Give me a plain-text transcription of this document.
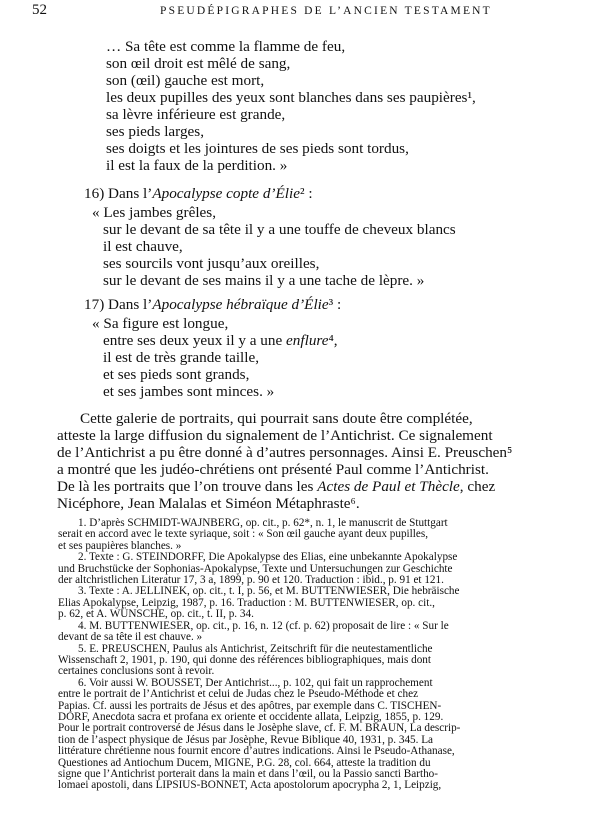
52	PSEUDÉPIGRAPHES DE L’ANCIEN TESTAMENT
… Sa tête est comme la flamme de feu,
son œil droit est mêlé de sang,
son (œil) gauche est mort,
les deux pupilles des yeux sont blanches dans ses paupières¹,
sa lèvre inférieure est grande,
ses pieds larges,
ses doigts et les jointures de ses pieds sont tordus,
il est la faux de la perdition. »
16) Dans l’Apocalypse copte d’Élie² :
« Les jambes grêles,
sur le devant de sa tête il y a une touffe de cheveux blancs
il est chauve,
ses sourcils vont jusqu’aux oreilles,
sur le devant de ses mains il y a une tache de lèpre. »
17) Dans l’Apocalypse hébraïque d’Élie³ :
« Sa figure est longue,
entre ses deux yeux il y a une enflure⁴,
il est de très grande taille,
et ses pieds sont grands,
et ses jambes sont minces. »
Cette galerie de portraits, qui pourrait sans doute être complétée,
atteste la large diffusion du signalement de l’Antichrist. Ce signalement
de l’Antichrist a pu être donné à d’autres personnages. Ainsi E. Preuschen⁵
a montré que les judéo-chrétiens ont présenté Paul comme l’Antichrist.
De là les portraits que l’on trouve dans les Actes de Paul et Thècle, chez
Nicéphore, Jean Malalas et Siméon Métaphraste⁶.
1. D’après SCHMIDT-WAJNBERG, op. cit., p. 62*, n. 1, le manuscrit de Stuttgart
serait en accord avec le texte syriaque, soit : « Son œil gauche ayant deux pupilles,
et ses paupières blanches. »
2. Texte : G. STEINDORFF, Die Apokalypse des Elias, eine unbekannte Apokalypse
und Bruchstücke der Sophonias-Apokalypse, Texte und Untersuchungen zur Geschichte
der altchristlichen Literatur 17, 3 a, 1899, p. 90 et 120. Traduction : ibid., p. 91 et 121.
3. Texte : A. JELLINEK, op. cit., t. I, p. 56, et M. BUTTENWIESER, Die hebräische
Elias Apokalypse, Leipzig, 1987, p. 16. Traduction : M. BUTTENWIESER, op. cit.,
p. 62, et A. WÜNSCHE, op. cit., t. II, p. 34.
4. M. BUTTENWIESER, op. cit., p. 16, n. 12 (cf. p. 62) proposait de lire : « Sur le
devant de sa tête il est chauve. »
5. E. PREUSCHEN, Paulus als Antichrist, Zeitschrift für die neutestamentliche
Wissenschaft 2, 1901, p. 190, qui donne des références bibliographiques, mais dont
certaines conclusions sont à revoir.
6. Voir aussi W. BOUSSET, Der Antichrist..., p. 102, qui fait un rapprochement
entre le portrait de l’Antichrist et celui de Judas chez le Pseudo-Méthode et chez
Papias. Cf. aussi les portraits de Jésus et des apôtres, par exemple dans C. TISCHEN-
DORF, Anecdota sacra et profana ex oriente et occidente allata, Leipzig, 1855, p. 129.
Pour le portrait controversé de Jésus dans le Josèphe slave, cf. F. M. BRAUN, La descrip-
tion de l’aspect physique de Jésus par Josèphe, Revue Biblique 40, 1931, p. 345. La
littérature chrétienne nous fournit encore d’autres indications. Ainsi le Pseudo-Athanase,
Questiones ad Antiochum Ducem, MIGNE, P.G. 28, col. 664, atteste la tradition du
signe que l’Antichrist porterait dans la main et dans l’œil, ou la Passio sancti Bartho-
lomaei apostoli, dans LIPSIUS-BONNET, Acta apostolorum apocrypha 2, 1, Leipzig,
